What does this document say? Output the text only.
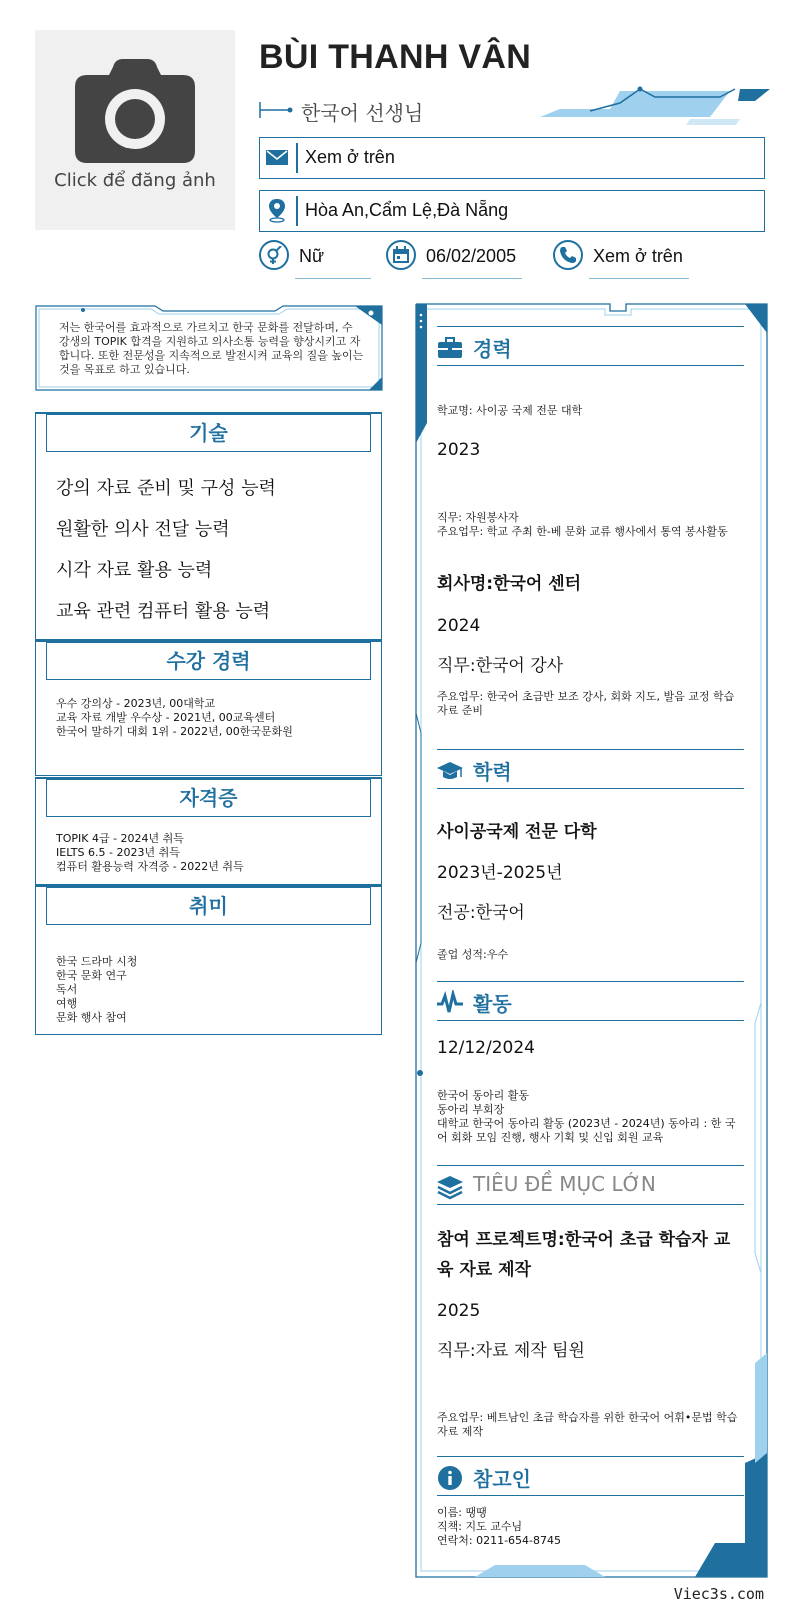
Click để đăng ảnh
BÙI THANH VÂN
한국어 선생님
Xem ở trên
Hòa An,Cẩm Lệ,Đà Nẵng
Nữ	06/02/2005	Xem ở trên
저는 한국어를 효과적으로 가르치고 한국 문화를 전달하며, 수 강생의 TOPIK 합격을 지원하고 의사소통 능력을 향상시키고 자 합니다. 또한 전문성을 지속적으로 발전시켜 교육의 질을 높이는 것을 목표로 하고 있습니다.
기술
강의 자료 준비 및 구성 능력
원활한 의사 전달 능력
시각 자료 활용 능력
교육 관련 컴퓨터 활용 능력
수강 경력
우수 강의상 - 2023년, 00대학교
교육 자료 개발 우수상 - 2021년, 00교육센터
한국어 말하기 대회 1위 - 2022년, 00한국문화원
자격증
TOPIK 4급 - 2024년 취득
IELTS 6.5 - 2023년 취득
컴퓨터 활용능력 자격증 - 2022년 취득
취미
한국 드라마 시청
한국 문화 연구
독서
여행
문화 행사 참여
경력
학교명: 사이공 국제 전문 대학
2023
직무: 자원봉사자
주요업무: 학교 주최 한-베 문화 교류 행사에서 통역 봉사활동
회사명:한국어 센터
2024
직무:한국어 강사
주요업무: 한국어 초급반 보조 강사, 회화 지도, 발음 교정 학습 자료 준비
학력
사이공국제 전문 다학
2023년-2025년
전공:한국어
졸업 성적:우수
활동
12/12/2024
한국어 동아리 활동
동아리 부회장
대학교 한국어 동아리 활동 (2023년 - 2024년) 동아리 : 한 국어 회화 모임 진행, 행사 기획 및 신입 회원 교육
TIÊU ĐỀ MỤC LỚN
참여 프로젝트명:한국어 초급 학습자 교육 자료 제작
2025
직무:자료 제작 팀원
주요업무: 베트남인 초급 학습자를 위한 한국어 어휘•문법 학습 자료 제작
참고인
이름: 땡땡
직책: 지도 교수님
연락처: 0211-654-8745
Viec3s.com
